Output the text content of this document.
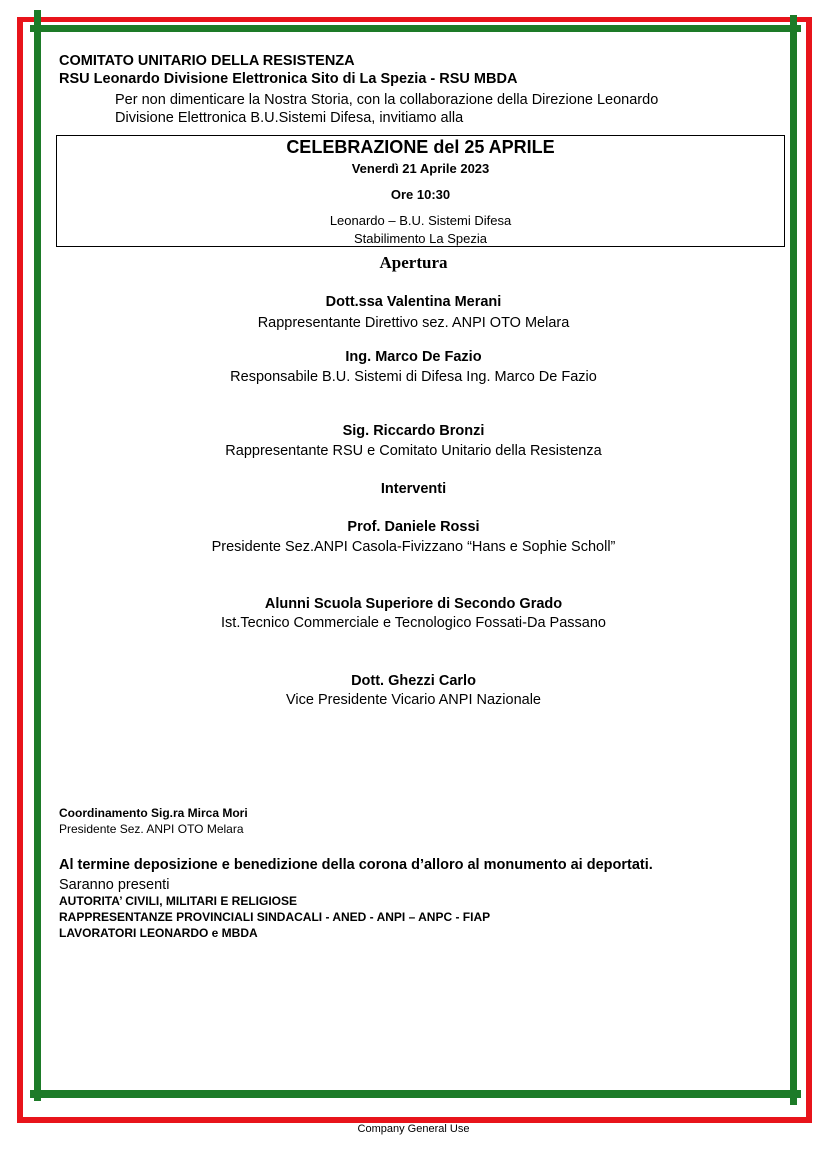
COMITATO UNITARIO DELLA RESISTENZA
RSU Leonardo Divisione Elettronica Sito di La Spezia - RSU MBDA
Per non dimenticare la Nostra Storia, con la collaborazione della Direzione Leonardo
Divisione Elettronica B.U.Sistemi Difesa, invitiamo alla
CELEBRAZIONE del 25 APRILE
Venerdì 21 Aprile 2023
Ore 10:30
Leonardo – B.U. Sistemi Difesa
Stabilimento La Spezia
Apertura
Dott.ssa Valentina Merani
Rappresentante Direttivo sez. ANPI OTO Melara
Ing. Marco De Fazio
Responsabile B.U. Sistemi di Difesa Ing. Marco De Fazio
Sig. Riccardo Bronzi
Rappresentante RSU e Comitato Unitario della Resistenza
Interventi
Prof. Daniele Rossi
Presidente Sez.ANPI Casola-Fivizzano “Hans e Sophie Scholl”
Alunni Scuola Superiore di Secondo Grado
Ist.Tecnico Commerciale e Tecnologico Fossati-Da Passano
Dott. Ghezzi Carlo
Vice Presidente Vicario ANPI Nazionale
Coordinamento Sig.ra Mirca Mori
Presidente Sez. ANPI OTO Melara
Al termine deposizione e benedizione della corona d’alloro al monumento ai deportati.
Saranno presenti
AUTORITA’ CIVILI, MILITARI E RELIGIOSE
RAPPRESENTANZE PROVINCIALI SINDACALI - ANED - ANPI – ANPC - FIAP
LAVORATORI LEONARDO e MBDA
Company General Use
